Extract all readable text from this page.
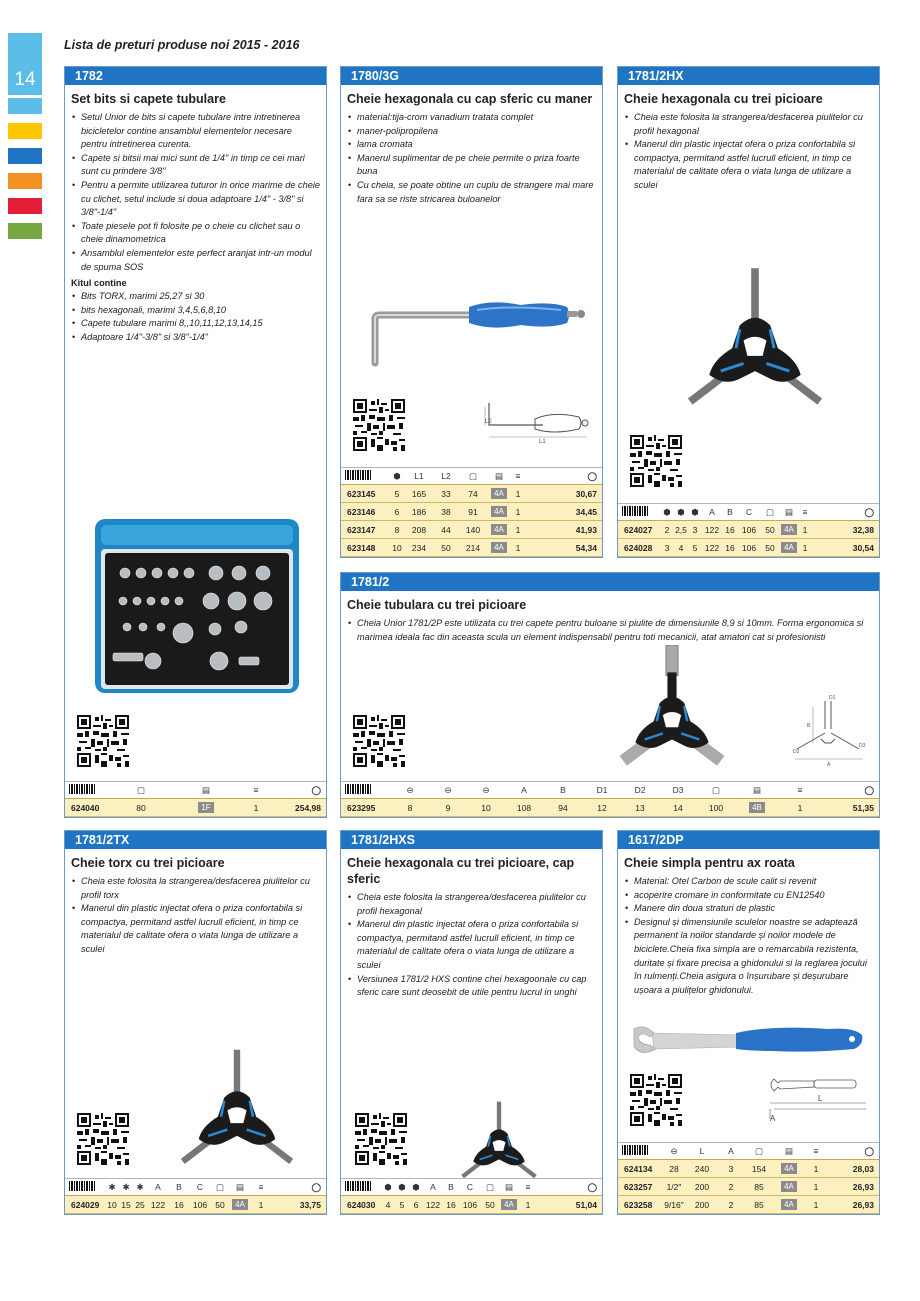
14
Lista de preturi produse noi 2015 - 2016
1782
Set bits si capete tubulare
• Setul Unior de bits si capete tubulare intre intretinerea bicicletelor contine ansamblul elementelor necesare pentru intretinerea curenta.
• Capete si bitsii mai mici sunt de 1/4" in timp ce cei mari sunt cu prindere 3/8"
• Pentru a permite utilizarea tuturor in orice marime de cheie cu clichet, setul include si doua adaptoare 1/4" - 3/8" si 3/8"-1/4"
• Toate piesele pot fi folosite pe o cheie cu clichet sau o cheie dinamometrica
• Ansamblul elementelor este perfect aranjat intr-un modul de spuma SOS
Kitul contine
• Bits TORX, marimi 25,27 si 30
• bits hexagonali, marimi 3,4,5,6,8,10
• Capete tubulare marimi 8,,10,11,12,13,14,15
• Adaptoare 1/4"-3/8" si 3/8"-1/4"
▢	▤	≡	◯
624040	80	1F	1	254,98
1780/3G
Cheie hexagonala cu cap sferic cu maner
• material:tija-crom vanadium tratata complet
• maner-polipropilena
• lama cromata
• Manerul suplimentar de pe cheie permite o priza foarte buna
• Cu cheia, se poate obtine un cuplu de strangere mai mare fara sa se riste stricarea buloanelor
L2
L1
⬢	L1	L2	▢	▤	≡	◯
623145	5	165	33	74	4A	1	30,67
623146	6	186	38	91	4A	1	34,45
623147	8	208	44	140	4A	1	41,93
623148	10	234	50	214	4A	1	54,34
1781/2HX
Cheie hexagonala cu trei picioare
• Cheia este folosita la strangerea/desfacerea piulitelor cu profil hexagonal
• Manerul din plastic injectat ofera o priza confortabila si compactya, permitand astfel lucrull eficient, in timp ce materialul de calitate ofera o viata lunga de utilizare a sculei
⬢ ⬢ ⬢	A	B	C	▢	▤	≡	◯
624027	2 2,5 3 122 16 106	50	4A	1	32,38
624028	3	4	5 122 16 106	50	4A	1	30,54
1781/2
Cheie tubulara cu trei picioare
• Cheia Unior 1781/2P este utilizata cu trei capete pentru buloane si piulite de dimensiunile 8,9 si 10mm. Forma ergonomica si marimea ideala fac din aceasta scula un element indispensabil pentru toti mecanicii, atat amatori cat si profesionisti
D1
B
D2
D3
A
⊖	⊖	⊖	A	B	D1	D2	D3	▢	▤	≡	◯
623295	8	9	10	108	94	12	13	14	100	4B	1	51,35
1781/2TX
Cheie torx cu trei picioare
• Cheia este folosita la strangerea/desfacerea piulitelor cu profil torx
• Manerul din plastic injectat ofera o priza confortabila si compactya, permitand astfel lucrull eficient, in timp ce materialul de calitate ofera o viata lunga de utilizare a sculei
✱ ✱ ✱	A	B	C	▢	▤	≡	◯
624029 10 15 25 122	16	106 50	4A	1	33,75
1781/2HXS
Cheie hexagonala cu trei picioare, cap sferic
• Cheia este folosita la strangerea/desfacerea piulitelor cu profil hexagonal
• Manerul din plastic injectat ofera o priza confortabila si compactya, permitand astfel lucrull eficient, in timp ce materialul de calitate ofera o viata lunga de utilizare a sculei
• Versiunea 1781/2 HXS contine chei hexagoonale cu cap sferic care sunt deosebit de utile pentru lucrul in unghi
⬢ ⬢ ⬢	A	B	C	▢	▤	≡	◯
624030	4	5	6 122 16 106 50	4A	1	51,04
1617/2DP
Cheie simpla pentru ax roata
• Material: Otel Carbon de scule calit si revenit
• acoperire cromare in conformitate cu EN12540
• Manere din doua straturi de plastic
• Designul și dimensiunile sculelor noastre se adaptează permanent la noilor standarde și noilor modele de biciclete.Cheia fixa simpla are o remarcabila rezistenta, duritate și fixare precisa a ghidonului si la reglarea jocului în rulmenți.Cheia asigura o înșurubare și deșurubare ușoara a piulițelor ghidonului.
L
A
⊖	L	A	▢	▤	≡	◯
624134	28	240	3	154	4A	1	28,03
623257	1/2"	200	2	85	4A	1	26,93
623258	9/16"	200	2	85	4A	1	26,93
